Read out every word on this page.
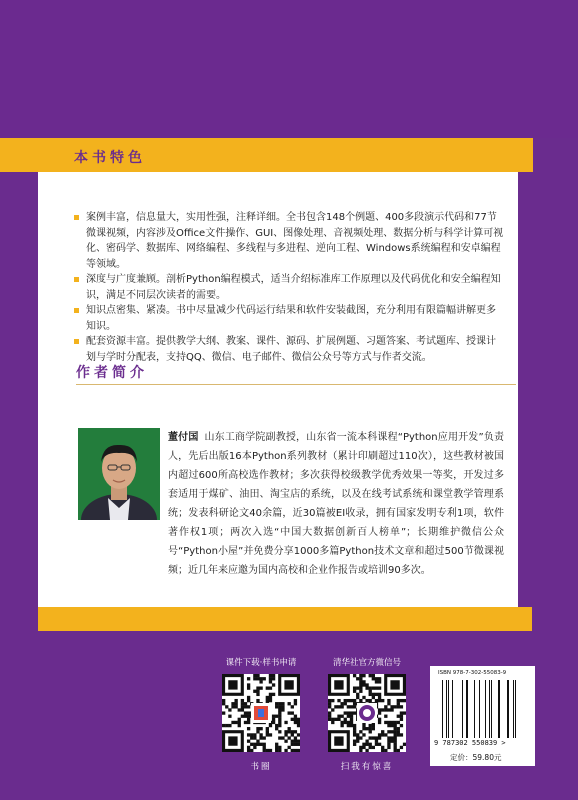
本书特色
案例丰富，信息量大，实用性强，注释详细。全书包含148个例题、400多段演示代码和77节微课视频，内容涉及Office文件操作、GUI、图像处理、音视频处理、数据分析与科学计算可视化、密码学、数据库、网络编程、多线程与多进程、逆向工程、Windows系统编程和安卓编程等领域。
深度与广度兼顾。剖析Python编程模式，适当介绍标准库工作原理以及代码优化和安全编程知识，满足不同层次读者的需要。
知识点密集、紧凑。书中尽量减少代码运行结果和软件安装截图，充分利用有限篇幅讲解更多知识。
配套资源丰富。提供教学大纲、教案、课件、源码、扩展例题、习题答案、考试题库、授课计划与学时分配表，支持QQ、微信、电子邮件、微信公众号等方式与作者交流。
作者简介
董付国 山东工商学院副教授，山东省一流本科课程“Python应用开发”负责人，先后出版16本Python系列教材（累计印刷超过110次），这些教材被国内超过600所高校选作教材；多次获得校级教学优秀效果一等奖，开发过多套适用于煤矿、油田、淘宝店的系统，以及在线考试系统和课堂教学管理系统；发表科研论文40余篇，近30篇被EI收录，拥有国家发明专利1项，软件著作权1项；两次入选“中国大数据创新百人榜单”；长期维护微信公众号“Python小屋”并免费分享1000多篇Python技术文章和超过500节微课视频；近几年来应邀为国内高校和企业作报告或培训90多次。
课件下载·样书申请
书圈
清华社官方微信号
扫我有惊喜
ISBN 978-7-302-55083-9
9 787302 550839 >
定价：59.80元
